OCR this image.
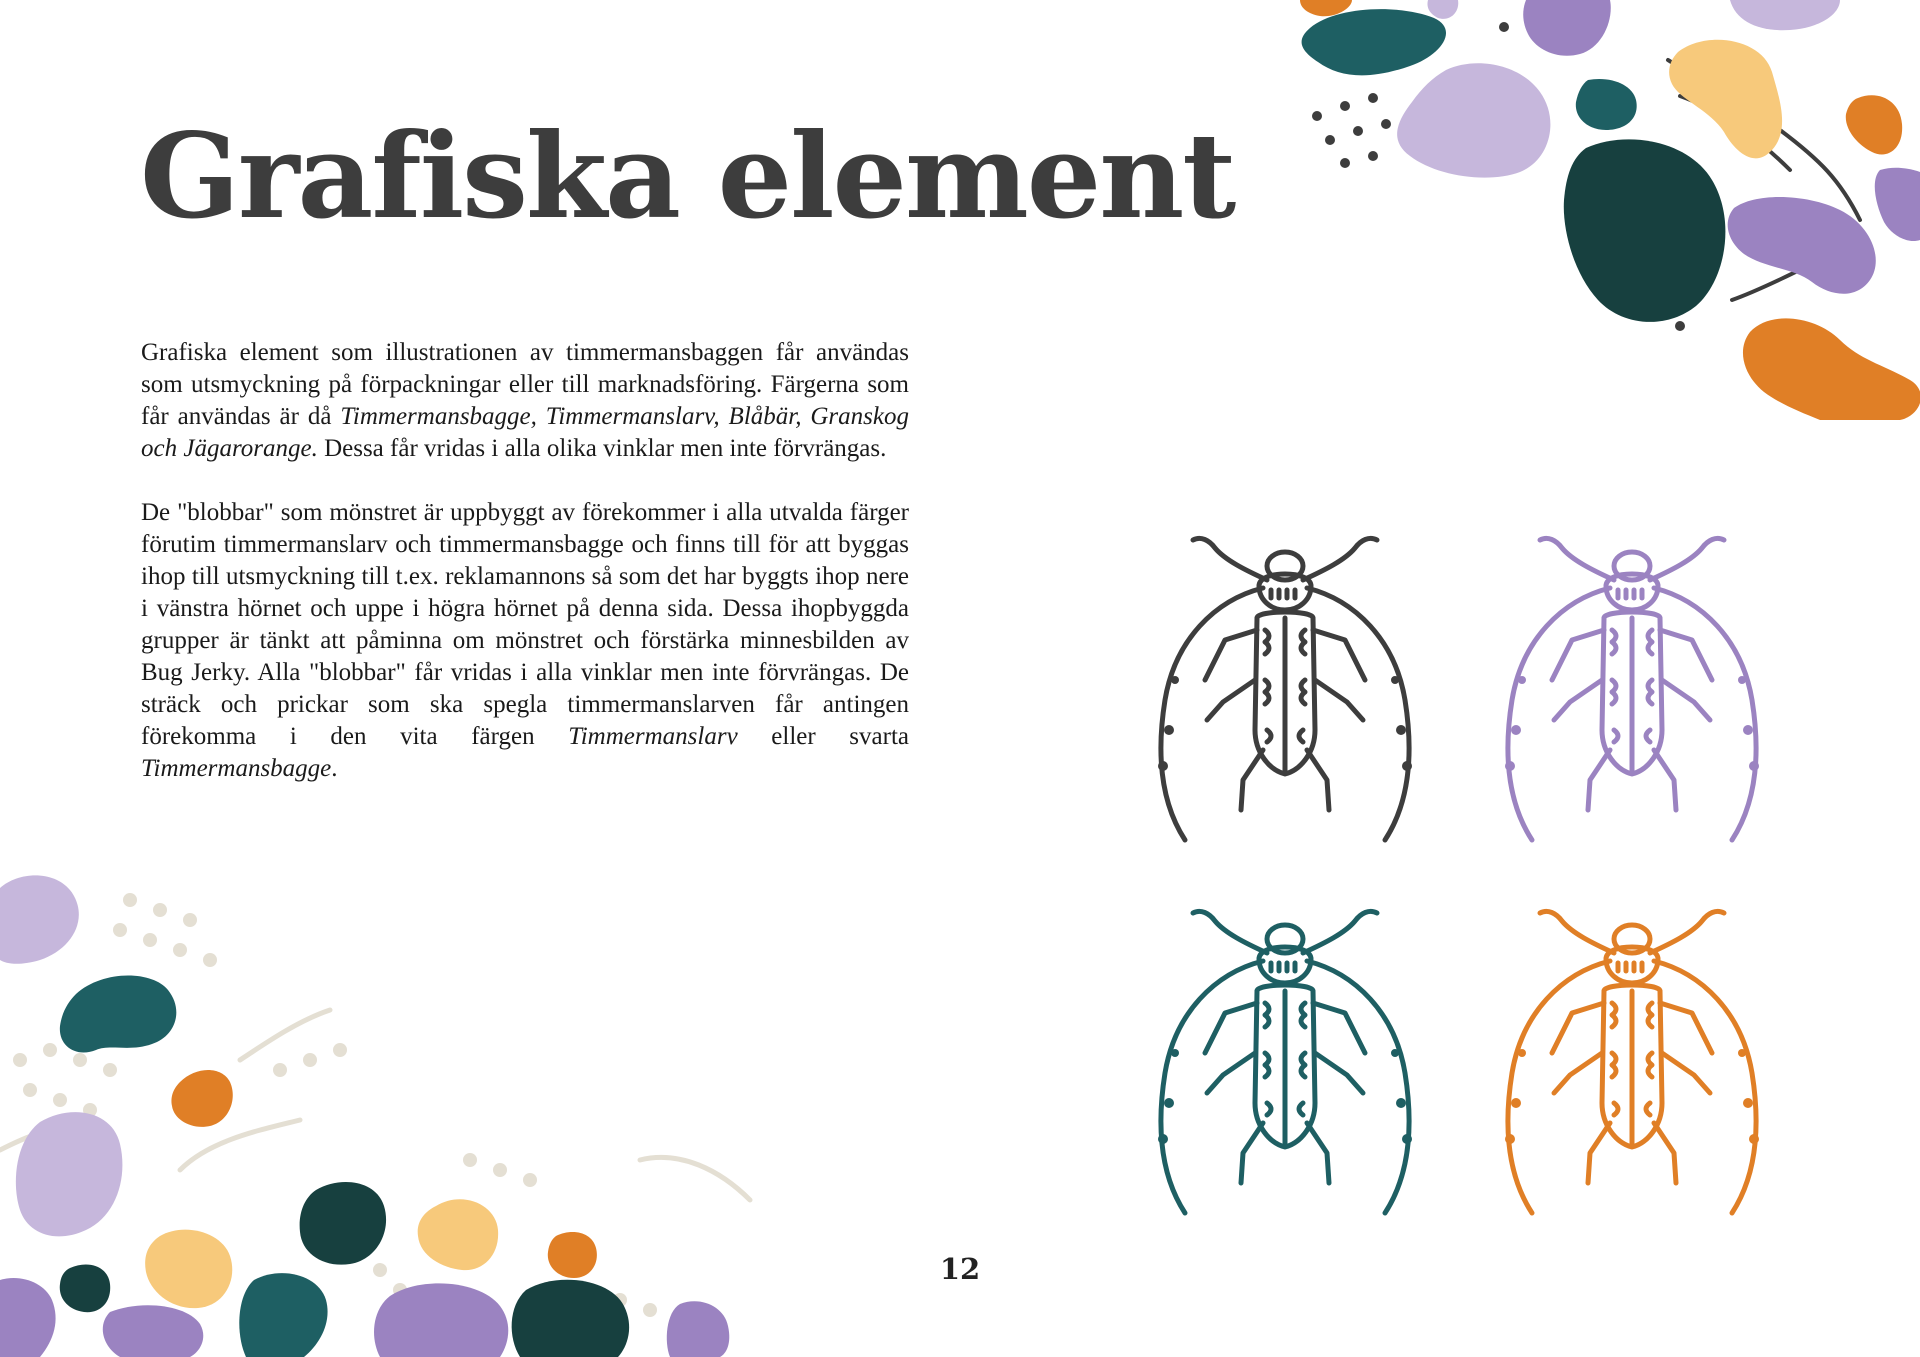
Grafiska element

Grafiska element som illustrationen av timmermansbaggen får användas som utsmyckning på förpackningar eller till marknadsföring. Färgerna som får användas är då Timmermansbagge, Timmermanslarv, Blåbär, Granskog och Jägarorange. Dessa får vridas i alla olika vinklar men inte förvrängas.

De "blobbar" som mönstret är uppbyggt av förekommer i alla utvalda färger förutim timmermanslarv och timmermansbagge och finns till för att byggas ihop till utsmyckning till t.ex. reklamannons så som det har byggts ihop nere i vänstra hörnet och uppe i högra hörnet på denna sida. Dessa ihopbyggda grupper är tänkt att påminna om mönstret och förstärka minnesbilden av Bug Jerky. Alla "blobbar" får vridas i alla vinklar men inte förvrängas. De sträck och prickar som ska spegla timmermanslarven får antingen förekomma i den vita färgen Timmermanslarv eller svarta Timmermansbagge.

12
